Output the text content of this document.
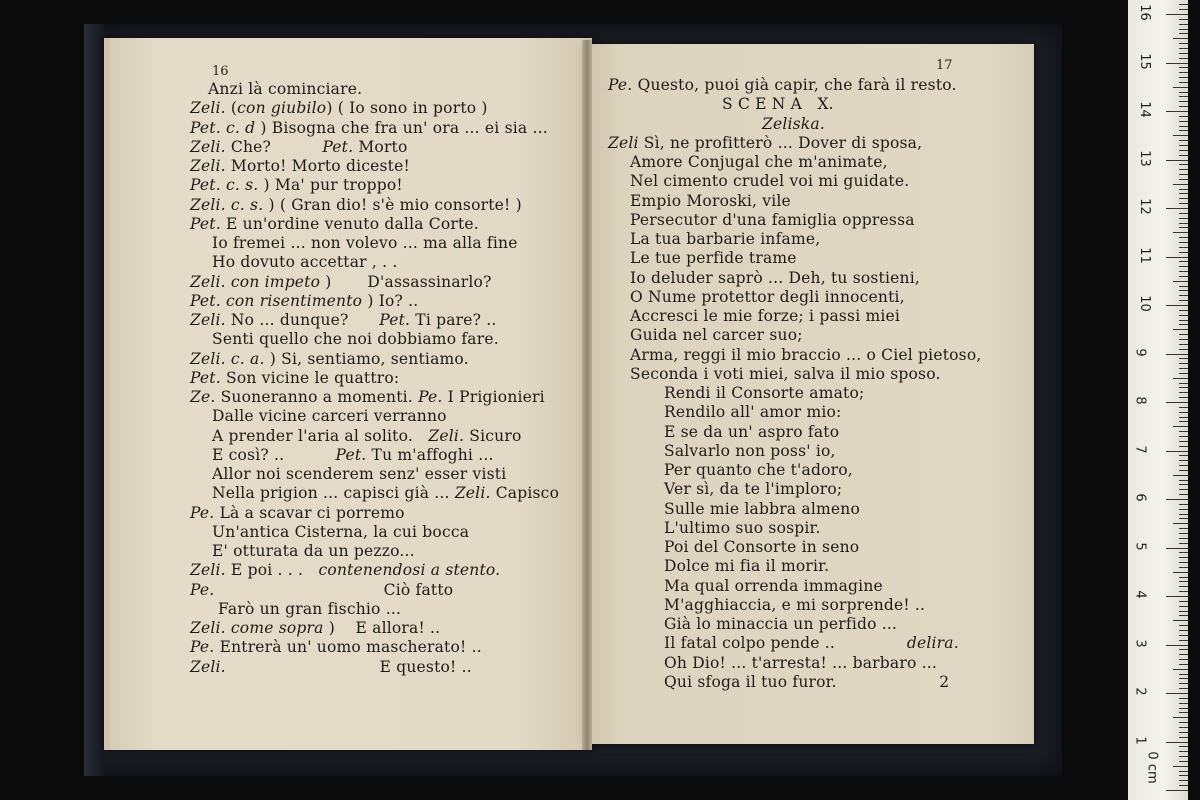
16	17
Anzi là cominciare.
Zeli. (con giubilo) ( Io sono in porto )
Pet. c. d ) Bisogna che fra un' ora ... ei sia ...
Zeli. Che?	Pet. Morto
Zeli. Morto! Morto diceste!
Pet. c. s. ) Ma' pur troppo!
Zeli. c. s. ) ( Gran dio! s'è mio consorte! )
Pet. E un'ordine venuto dalla Corte.
Io fremei ... non volevo ... ma alla fine
Ho dovuto accettar , . .
Zeli. con impeto ) D'assassinarlo?
Pet. con risentimento ) Io? ..
Zeli. No ... dunque? Pet. Ti pare? ..
Senti quello che noi dobbiamo fare.
Zeli. c. a. ) Si, sentiamo, sentiamo.
Pet. Son vicine le quattro:
Ze. Suoneranno a momenti. Pe. I Prigionieri
Dalle vicine carceri verranno
A prender l'aria al solito. Zeli. Sicuro
E così? ..	Pet. Tu m'affoghi ...
Allor noi scenderem senz' esser visti
Nella prigion ... capisci già ... Zeli. Capisco
Pe. Là a scavar ci porremo
Un'antica Cisterna, la cui bocca
E' otturata da un pezzo...
Zeli. E poi . . . contenendosi a stento.
Pe.	Ciò fatto
Farò un gran fischio ...
Zeli. come sopra ) E allora! ..
Pe. Entrerà un' uomo mascherato! ..
Zeli.	E questo! ..
Pe. Questo, puoi già capir, che farà il resto.
S C E N A   X.
Zeliska.
Zeli Sì, ne profitterò ... Dover di sposa,
Amore Conjugal che m'animate,
Nel cimento crudel voi mi guidate.
Empio Moroski, vile
Persecutor d'una famiglia oppressa
La tua barbarie infame,
Le tue perfide trame
Io deluder saprò ... Deh, tu sostieni,
O Nume protettor degli innocenti,
Accresci le mie forze; i passi miei
Guida nel carcer suo;
Arma, reggi il mio braccio ... o Ciel pietoso,
Seconda i voti miei, salva il mio sposo.
Rendi il Consorte amato;
Rendilo all' amor mio:
E se da un' aspro fato
Salvarlo non poss' io,
Per quanto che t'adoro,
Ver sì, da te l'imploro;
Sulle mie labbra almeno
L'ultimo suo sospir.
Poi del Consorte in seno
Dolce mi fia il morir.
Ma qual orrenda immagine
M'agghiaccia, e mi sorprende! ..
Già lo minaccia un perfido ...
Il fatal colpo pende ..	delira.
Oh Dio! ... t'arresta! ... barbaro ...
Qui sfoga il tuo furor.	2
0 cm
1
2
3
4
5
6
7
8
9
10
11
12
13
14
15
16
